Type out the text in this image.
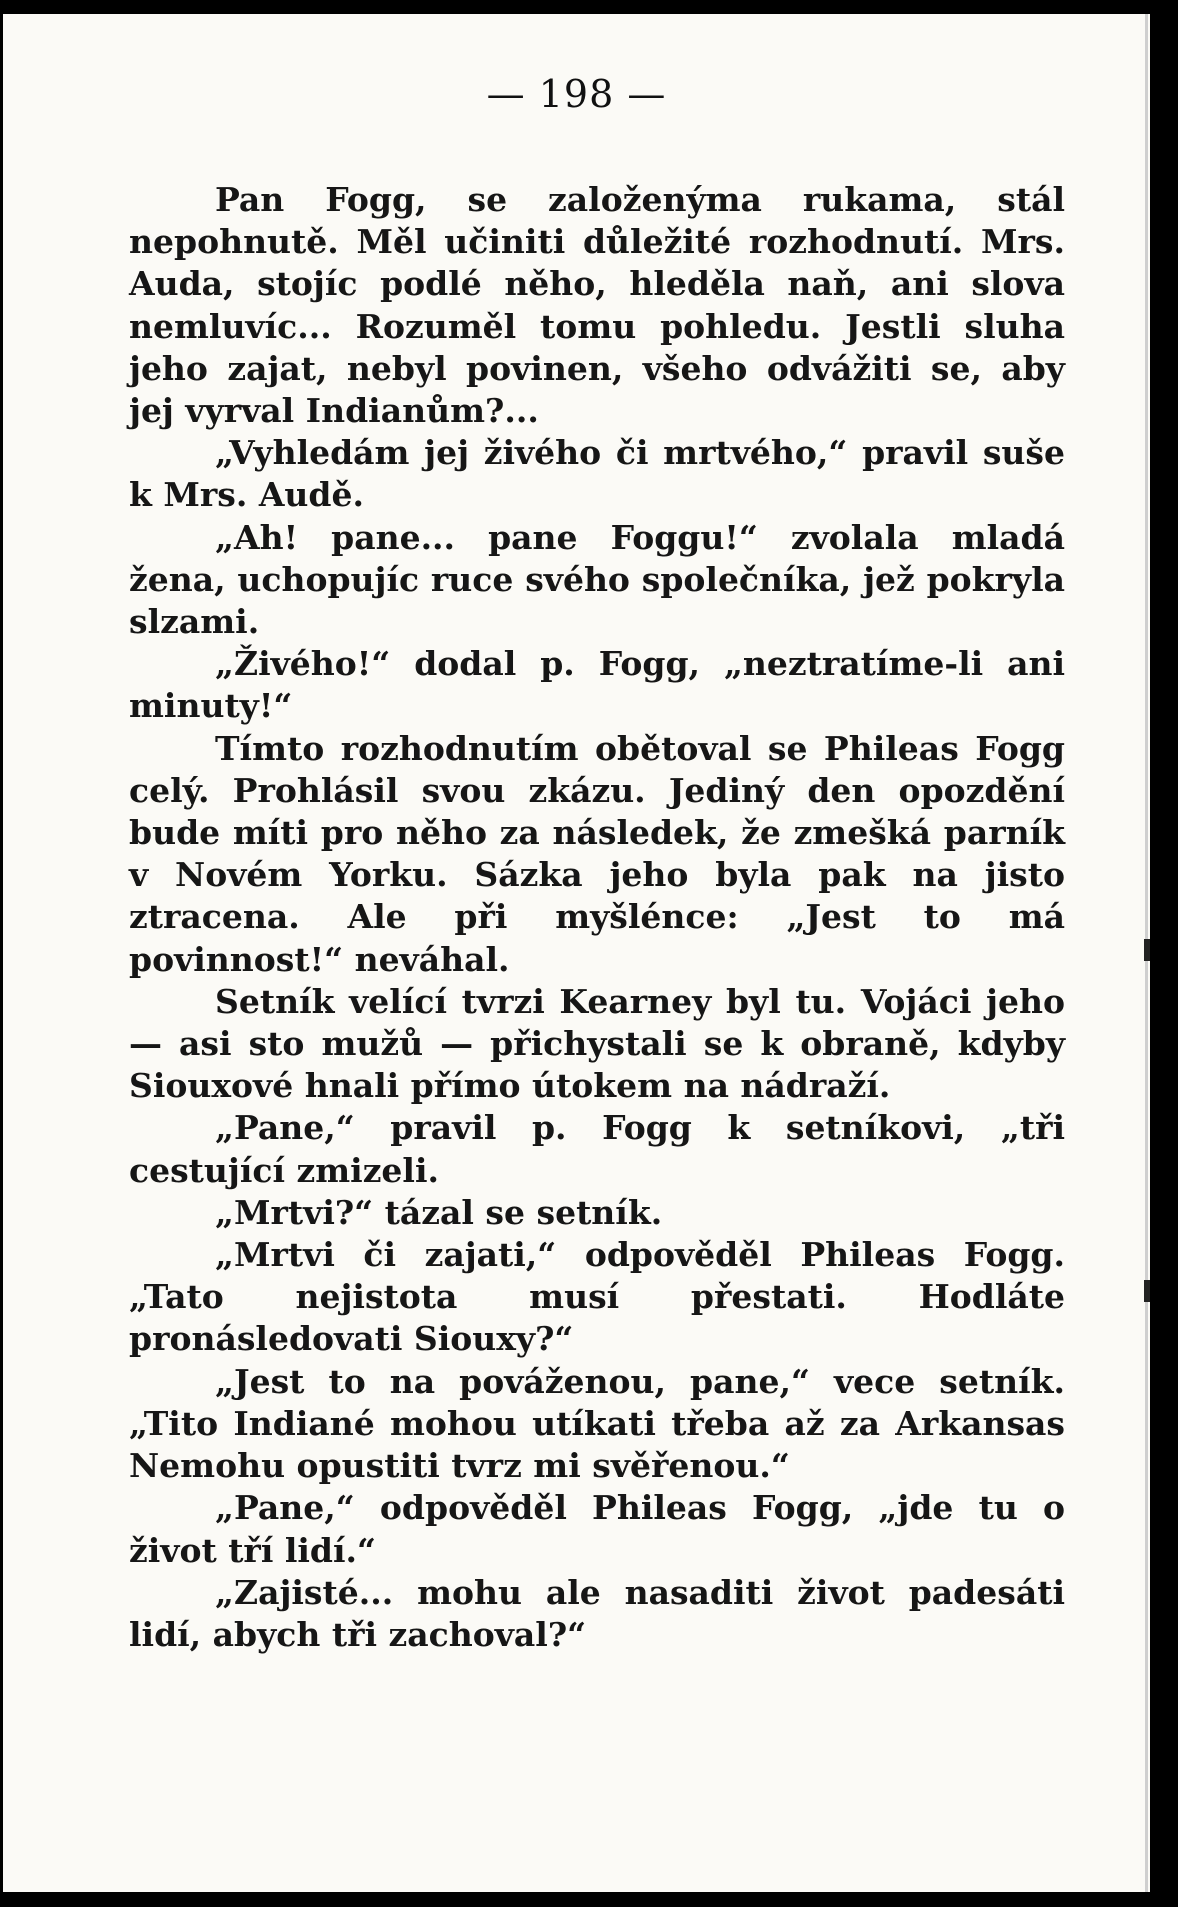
— 198 —

Pan Fogg, se založenýma rukama, stál nepohnutě. Měl učiniti důležité rozhodnutí. Mrs. Auda, stojíc podlé něho, hleděla naň, ani slova nemluvíc... Rozuměl tomu pohledu. Jestli sluha jeho zajat, nebyl povinen, všeho odvážiti se, aby jej vyrval Indianům?...

„Vyhledám jej živého či mrtvého,“ pravil suše k Mrs. Audě.

„Ah! pane... pane Foggu!“ zvolala mladá žena, uchopujíc ruce svého společníka, jež pokryla slzami.

„Živého!“ dodal p. Fogg, „neztratíme-li ani minuty!“

Tímto rozhodnutím obětoval se Phileas Fogg celý. Prohlásil svou zkázu. Jediný den opozdění bude míti pro něho za následek, že zmešká parník v Novém Yorku. Sázka jeho byla pak na jisto ztracena. Ale při myšlénce: „Jest to má povinnost!“ neváhal.

Setník velící tvrzi Kearney byl tu. Vojáci jeho — asi sto mužů — přichystali se k obraně, kdyby Siouxové hnali přímo útokem na nádraží.

„Pane,“ pravil p. Fogg k setníkovi, „tři cestující zmizeli.

„Mrtvi?“ tázal se setník.

„Mrtvi či zajati,“ odpověděl Phileas Fogg. „Tato nejistota musí přestati. Hodláte pronásledovati Siouxy?“

„Jest to na pováženou, pane,“ vece setník. „Tito Indiané mohou utíkati třeba až za Arkansas Nemohu opustiti tvrz mi svěřenou.“

„Pane,“ odpověděl Phileas Fogg, „jde tu o život tří lidí.“

„Zajisté... mohu ale nasaditi život padesáti lidí, abych tři zachoval?“
